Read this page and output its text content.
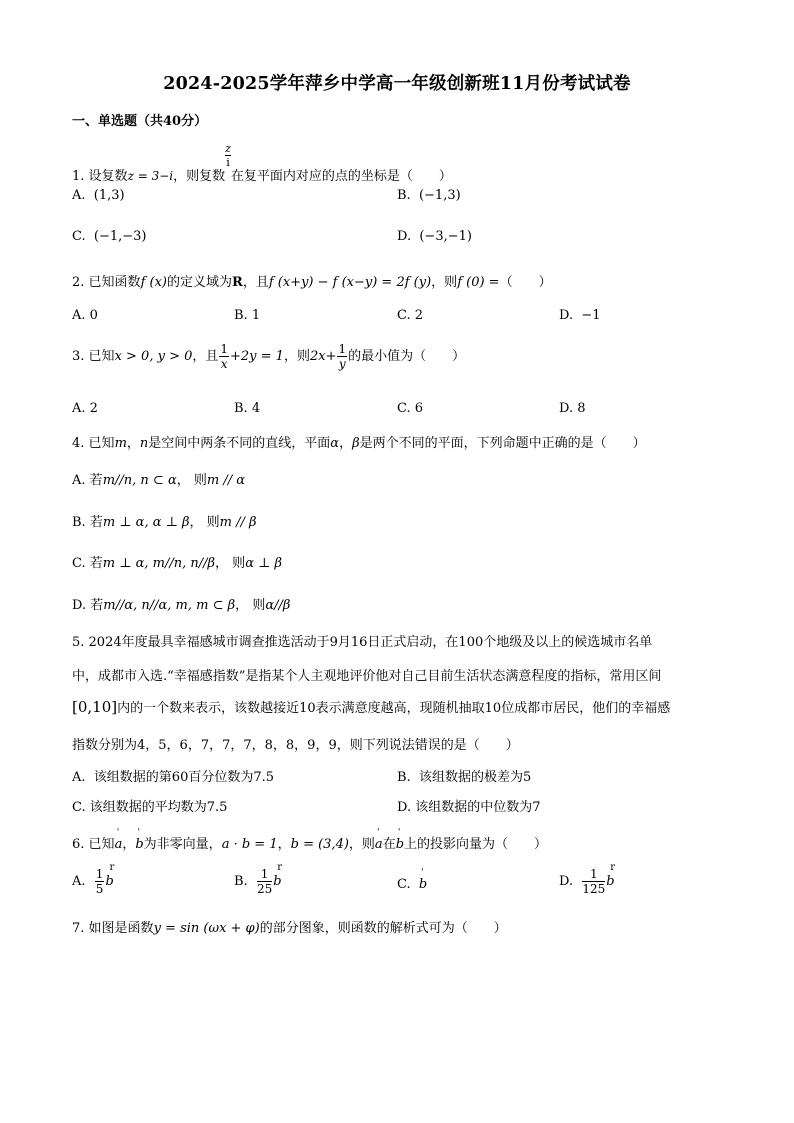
2024-2025学年萍乡中学高一年级创新班11月份考试试卷
一、单选题（共40分）
1. 设复数z = 3−i，则复数
$\frac{z}{i}$
在复平面内对应的点的坐标是（　　）
A. (1,3)	B. (−1,3)
C. (−1,−3)	D. (−3,−1)
2. 已知函数f (x)的定义域为R，且f (x+y) − f (x−y) = 2f (y)，则f (0) =（　　）
A. 0	B. 1	C. 2	D. −1
3. 已知x > 0, y > 0，且 $\frac{1}{x} +2y = 1$，则$2x+ \frac{1}{y}$ 的最小值为（　　）
A. 2	B. 4	C. 6	D. 8
4. 已知m，n是空间中两条不同的直线，平面α，β是两个不同的平面，下列命题中正确的是（　　）
A. 若m//n, n ⊂ α， 则m // α
B. 若m ⊥ α, α ⊥ β， 则m // β
C. 若m ⊥ α, m//n, n//β， 则α ⊥ β
D. 若m//α, n//α, m, m ⊂ β， 则α//β
5. 2024年度最具幸福感城市调查推选活动于9月16日正式启动，在100个地级及以上的候选城市名单
中，成都市入选.“幸福感指数”是指某个人主观地评价他对自己目前生活状态满意程度的指标，常用区间
[0,10]内的一个数来表示，该数越接近10表示满意度越高，现随机抽取10位成都市居民，他们的幸福感
指数分别为4，5，6，7，7，7，8，8，9，9，则下列说法错误的是（　　）
A. 该组数据的第60百分位数为7.5	B. 该组数据的极差为5
C. 该组数据的平均数为7.5	D. 该组数据的中位数为7
6. 已知ˈ a，ˈ b为非零向量，a · b = 1，b = (3,4)，则ˈ a在ˈ b上的投影向量为（　　）
A. $\frac{1}{5}$ r b	B. $\frac{1}{25}$ r b	C. ˈ b	D. $\frac{1}{125}$ r b
7. 如图是函数y = sin (ωx + φ)的部分图象，则函数的解析式可为（　　）
